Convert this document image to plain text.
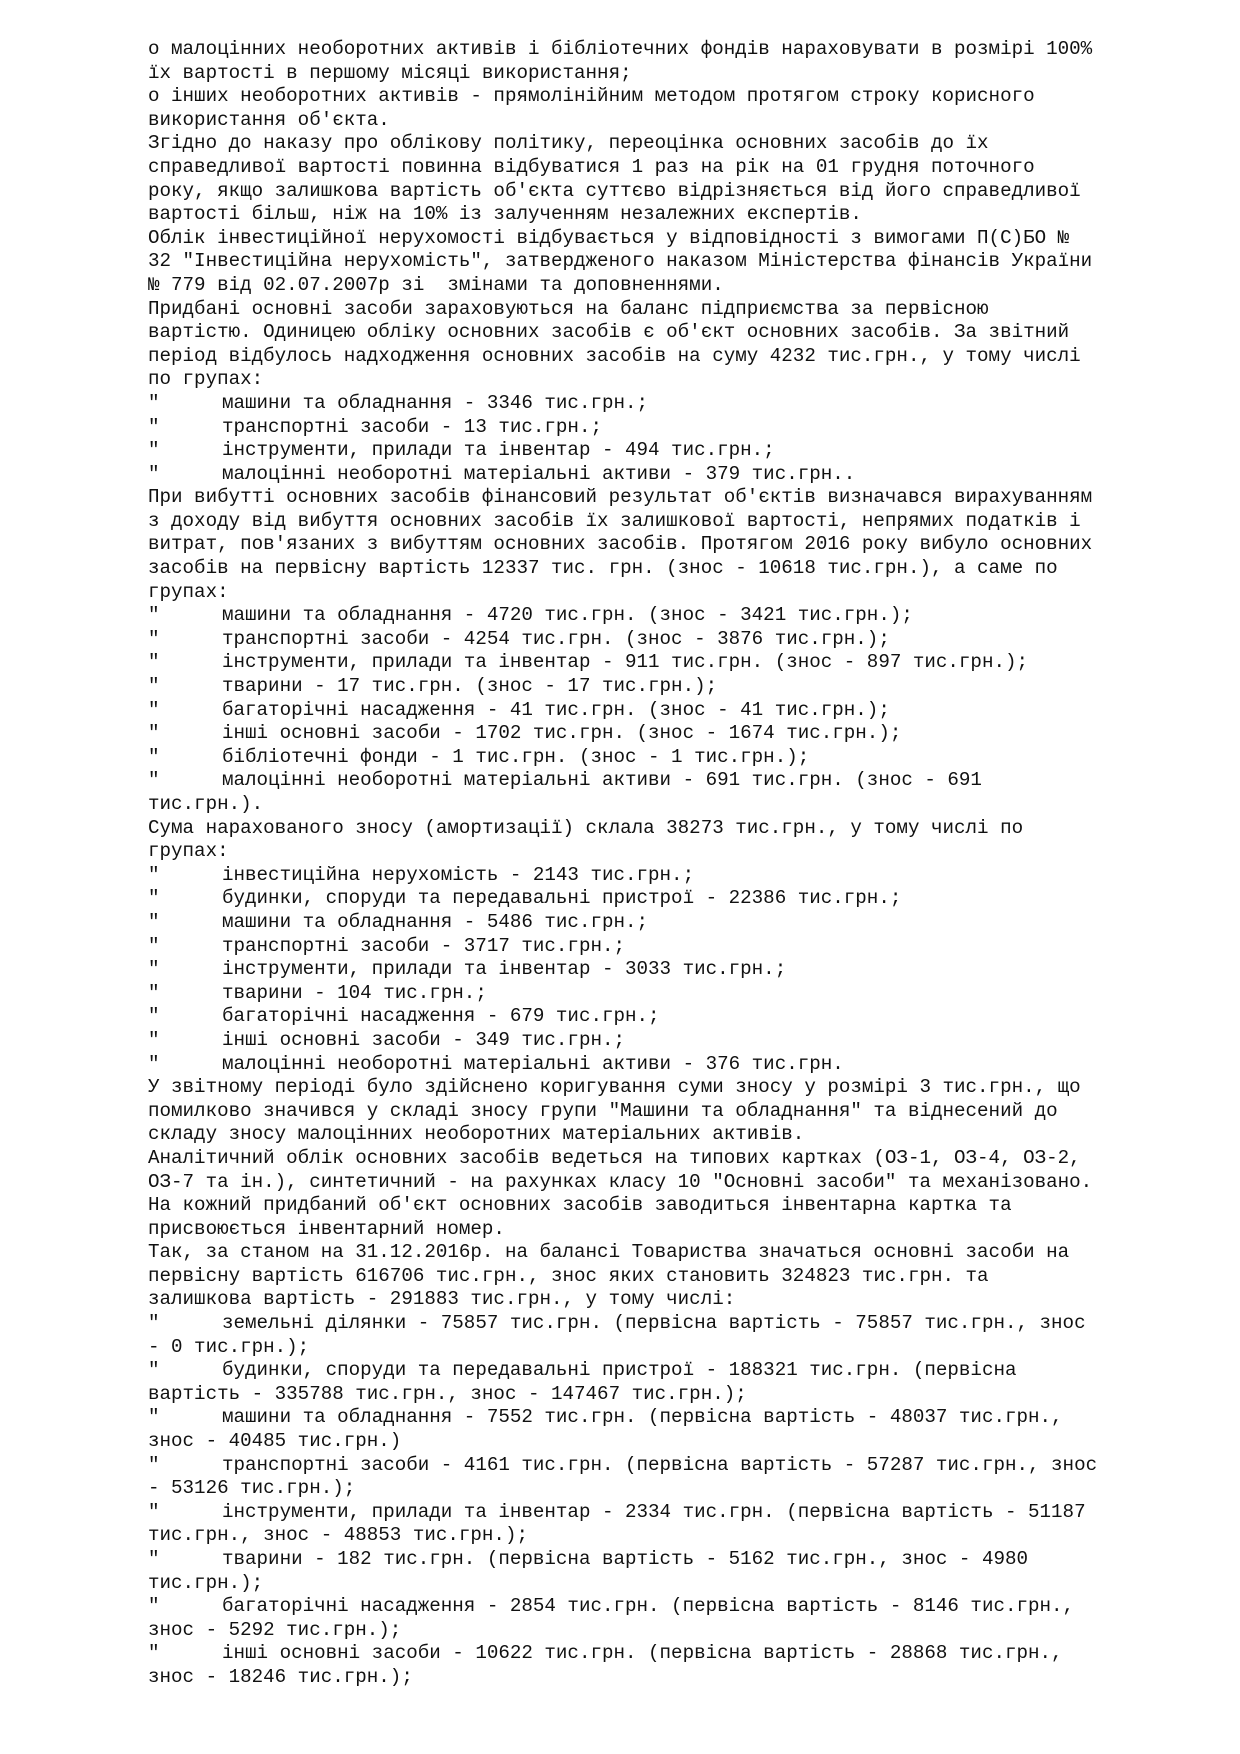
о малоцінних необоротних активів і бібліотечних фондів нараховувати в розмірі 100%
їх вартості в першому місяці використання;
о інших необоротних активів - прямолінійним методом протягом строку корисного
використання об'єкта.
Згідно до наказу про облікову політику, переоцінка основних засобів до їх
справедливої вартості повинна відбуватися 1 раз на рік на 01 грудня поточного
року, якщо залишкова вартість об'єкта суттєво відрізняється від його справедливої
вартості більш, ніж на 10% із залученням незалежних експертів.
Облік інвестиційної нерухомості відбувається у відповідності з вимогами П(С)БО №
32 "Інвестиційна нерухомість", затвердженого наказом Міністерства фінансів України
№ 779 від 02.07.2007р зі  змінами та доповненнями.
Придбані основні засоби зараховуються на баланс підприємства за первісною
вартістю. Одиницею обліку основних засобів є об'єкт основних засобів. За звітний
період відбулось надходження основних засобів на суму 4232 тис.грн., у тому числі
по групах:
"	машини та обладнання - 3346 тис.грн.;
"	транспортні засоби - 13 тис.грн.;
"	інструменти, прилади та інвентар - 494 тис.грн.;
"	малоцінні необоротні матеріальні активи - 379 тис.грн..
При вибутті основних засобів фінансовий результат об'єктів визначався вирахуванням
з доходу від вибуття основних засобів їх залишкової вартості, непрямих податків і
витрат, пов'язаних з вибуттям основних засобів. Протягом 2016 року вибуло основних
засобів на первісну вартість 12337 тис. грн. (знос - 10618 тис.грн.), а саме по
групах:
"	машини та обладнання - 4720 тис.грн. (знос - 3421 тис.грн.);
"	транспортні засоби - 4254 тис.грн. (знос - 3876 тис.грн.);
"	інструменти, прилади та інвентар - 911 тис.грн. (знос - 897 тис.грн.);
"	тварини - 17 тис.грн. (знос - 17 тис.грн.);
"	багаторічні насадження - 41 тис.грн. (знос - 41 тис.грн.);
"	інші основні засоби - 1702 тис.грн. (знос - 1674 тис.грн.);
"	бібліотечні фонди - 1 тис.грн. (знос - 1 тис.грн.);
"	малоцінні необоротні матеріальні активи - 691 тис.грн. (знос - 691
тис.грн.).
Сума нарахованого зносу (амортизації) склала 38273 тис.грн., у тому числі по
групах:
"	інвестиційна нерухомість - 2143 тис.грн.;
"	будинки, споруди та передавальні пристрої - 22386 тис.грн.;
"	машини та обладнання - 5486 тис.грн.;
"	транспортні засоби - 3717 тис.грн.;
"	інструменти, прилади та інвентар - 3033 тис.грн.;
"	тварини - 104 тис.грн.;
"	багаторічні насадження - 679 тис.грн.;
"	інші основні засоби - 349 тис.грн.;
"	малоцінні необоротні матеріальні активи - 376 тис.грн.
У звітному періоді було здійснено коригування суми зносу у розмірі 3 тис.грн., що
помилково значився у складі зносу групи "Машини та обладнання" та віднесений до
складу зносу малоцінних необоротних матеріальних активів.
Аналітичний облік основних засобів ведеться на типових картках (ОЗ-1, ОЗ-4, ОЗ-2,
ОЗ-7 та ін.), синтетичний - на рахунках класу 10 "Основні засоби" та механізовано.
На кожний придбаний об'єкт основних засобів заводиться інвентарна картка та
присвоюється інвентарний номер.
Так, за станом на 31.12.2016р. на балансі Товариства значаться основні засоби на
первісну вартість 616706 тис.грн., знос яких становить 324823 тис.грн. та
залишкова вартість - 291883 тис.грн., у тому числі:
"	земельні ділянки - 75857 тис.грн. (первісна вартість - 75857 тис.грн., знос
- 0 тис.грн.);
"	будинки, споруди та передавальні пристрої - 188321 тис.грн. (первісна
вартість - 335788 тис.грн., знос - 147467 тис.грн.);
"	машини та обладнання - 7552 тис.грн. (первісна вартість - 48037 тис.грн.,
знос - 40485 тис.грн.)
"	транспортні засоби - 4161 тис.грн. (первісна вартість - 57287 тис.грн., знос
- 53126 тис.грн.);
"	інструменти, прилади та інвентар - 2334 тис.грн. (первісна вартість - 51187
тис.грн., знос - 48853 тис.грн.);
"	тварини - 182 тис.грн. (первісна вартість - 5162 тис.грн., знос - 4980
тис.грн.);
"	багаторічні насадження - 2854 тис.грн. (первісна вартість - 8146 тис.грн.,
знос - 5292 тис.грн.);
"	інші основні засоби - 10622 тис.грн. (первісна вартість - 28868 тис.грн.,
знос - 18246 тис.грн.);
